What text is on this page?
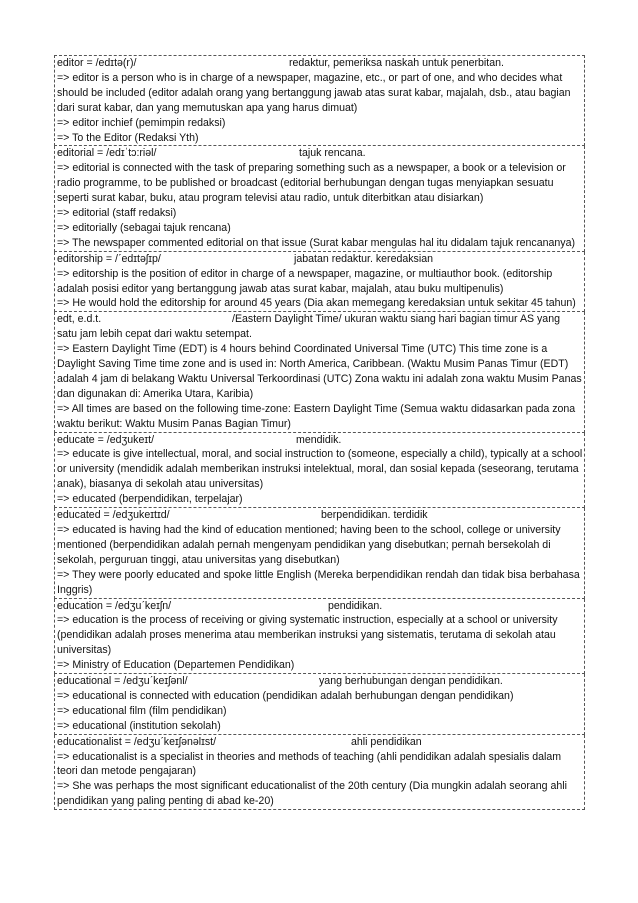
editor = /edɪtə(r)/	redaktur, pemeriksa naskah untuk penerbitan.
=> editor is a person who is in charge of a newspaper, magazine, etc., or part of one, and who decides what should be included (editor adalah orang yang bertanggung jawab atas surat kabar, majalah, dsb., atau bagian dari surat kabar, dan yang memutuskan apa yang harus dimuat)
=> editor inchief (pemimpin redaksi)
=> To the Editor (Redaksi Yth)
editorial = /edɪˈtɔ:riəl/	tajuk rencana.
=> editorial is connected with the task of preparing something such as a newspaper, a book or a television or radio programme, to be published or broadcast (editorial berhubungan dengan tugas menyiapkan sesuatu seperti surat kabar, buku, atau program televisi atau radio, untuk diterbitkan atau disiarkan)
=> editorial (staff redaksi)
=> editorially (sebagai tajuk rencana)
=> The newspaper commented editorial on that issue (Surat kabar mengulas hal itu didalam tajuk rencananya)
editorship = /ˊedɪtəʃɪp/	jabatan redaktur. keredaksian
=> editorship is the position of editor in charge of a newspaper, magazine, or multiauthor book. (editorship adalah posisi editor yang bertanggung jawab atas surat kabar, majalah, atau buku multipenulis)
=> He would hold the editorship for around 45 years (Dia akan memegang keredaksian untuk sekitar 45 tahun)
edt, e.d.t.	/Eastern Daylight Time/ ukuran waktu siang hari bagian timur AS yang
satu jam lebih cepat dari waktu setempat.
=> Eastern Daylight Time (EDT) is 4 hours behind Coordinated Universal Time (UTC) This time zone is a Daylight Saving Time time zone and is used in: North America, Caribbean. (Waktu Musim Panas Timur (EDT) adalah 4 jam di belakang Waktu Universal Terkoordinasi (UTC) Zona waktu ini adalah zona waktu Musim Panas dan digunakan di: Amerika Utara, Karibia)
=> All times are based on the following time-zone: Eastern Daylight Time (Semua waktu didasarkan pada zona waktu berikut: Waktu Musim Panas Bagian Timur)
educate = /edʒukeɪt/	mendidik.
=> educate is give intellectual, moral, and social instruction to (someone, especially a child), typically at a school or university (mendidik adalah memberikan instruksi intelektual, moral, dan sosial kepada (seseorang, terutama anak), biasanya di sekolah atau universitas)
=> educated (berpendidikan, terpelajar)
educated = /edʒukeɪtɪd/	berpendidikan. terdidik
=> educated is having had the kind of education mentioned; having been to the school, college or university mentioned (berpendidikan adalah pernah mengenyam pendidikan yang disebutkan; pernah bersekolah di sekolah, perguruan tinggi, atau universitas yang disebutkan)
=> They were poorly educated and spoke little English (Mereka berpendidikan rendah dan tidak bisa berbahasa Inggris)
education = /edʒuˊkeɪʃn/	pendidikan.
=> education is the process of receiving or giving systematic instruction, especially at a school or university (pendidikan adalah proses menerima atau memberikan instruksi yang sistematis, terutama di sekolah atau universitas)
=> Ministry of Education (Departemen Pendidikan)
educational = /edʒuˊkeɪʃənl/	yang berhubungan dengan pendidikan.
=> educational is connected with education (pendidikan adalah berhubungan dengan pendidikan)
=> educational film (film pendidikan)
=> educational (institution sekolah)
educationalist = /edʒuˊkeɪʃənəlɪst/	ahli pendidikan
=> educationalist is a specialist in theories and methods of teaching (ahli pendidikan adalah spesialis dalam teori dan metode pengajaran)
=> She was perhaps the most significant educationalist of the 20th century (Dia mungkin adalah seorang ahli pendidikan yang paling penting di abad ke-20)
